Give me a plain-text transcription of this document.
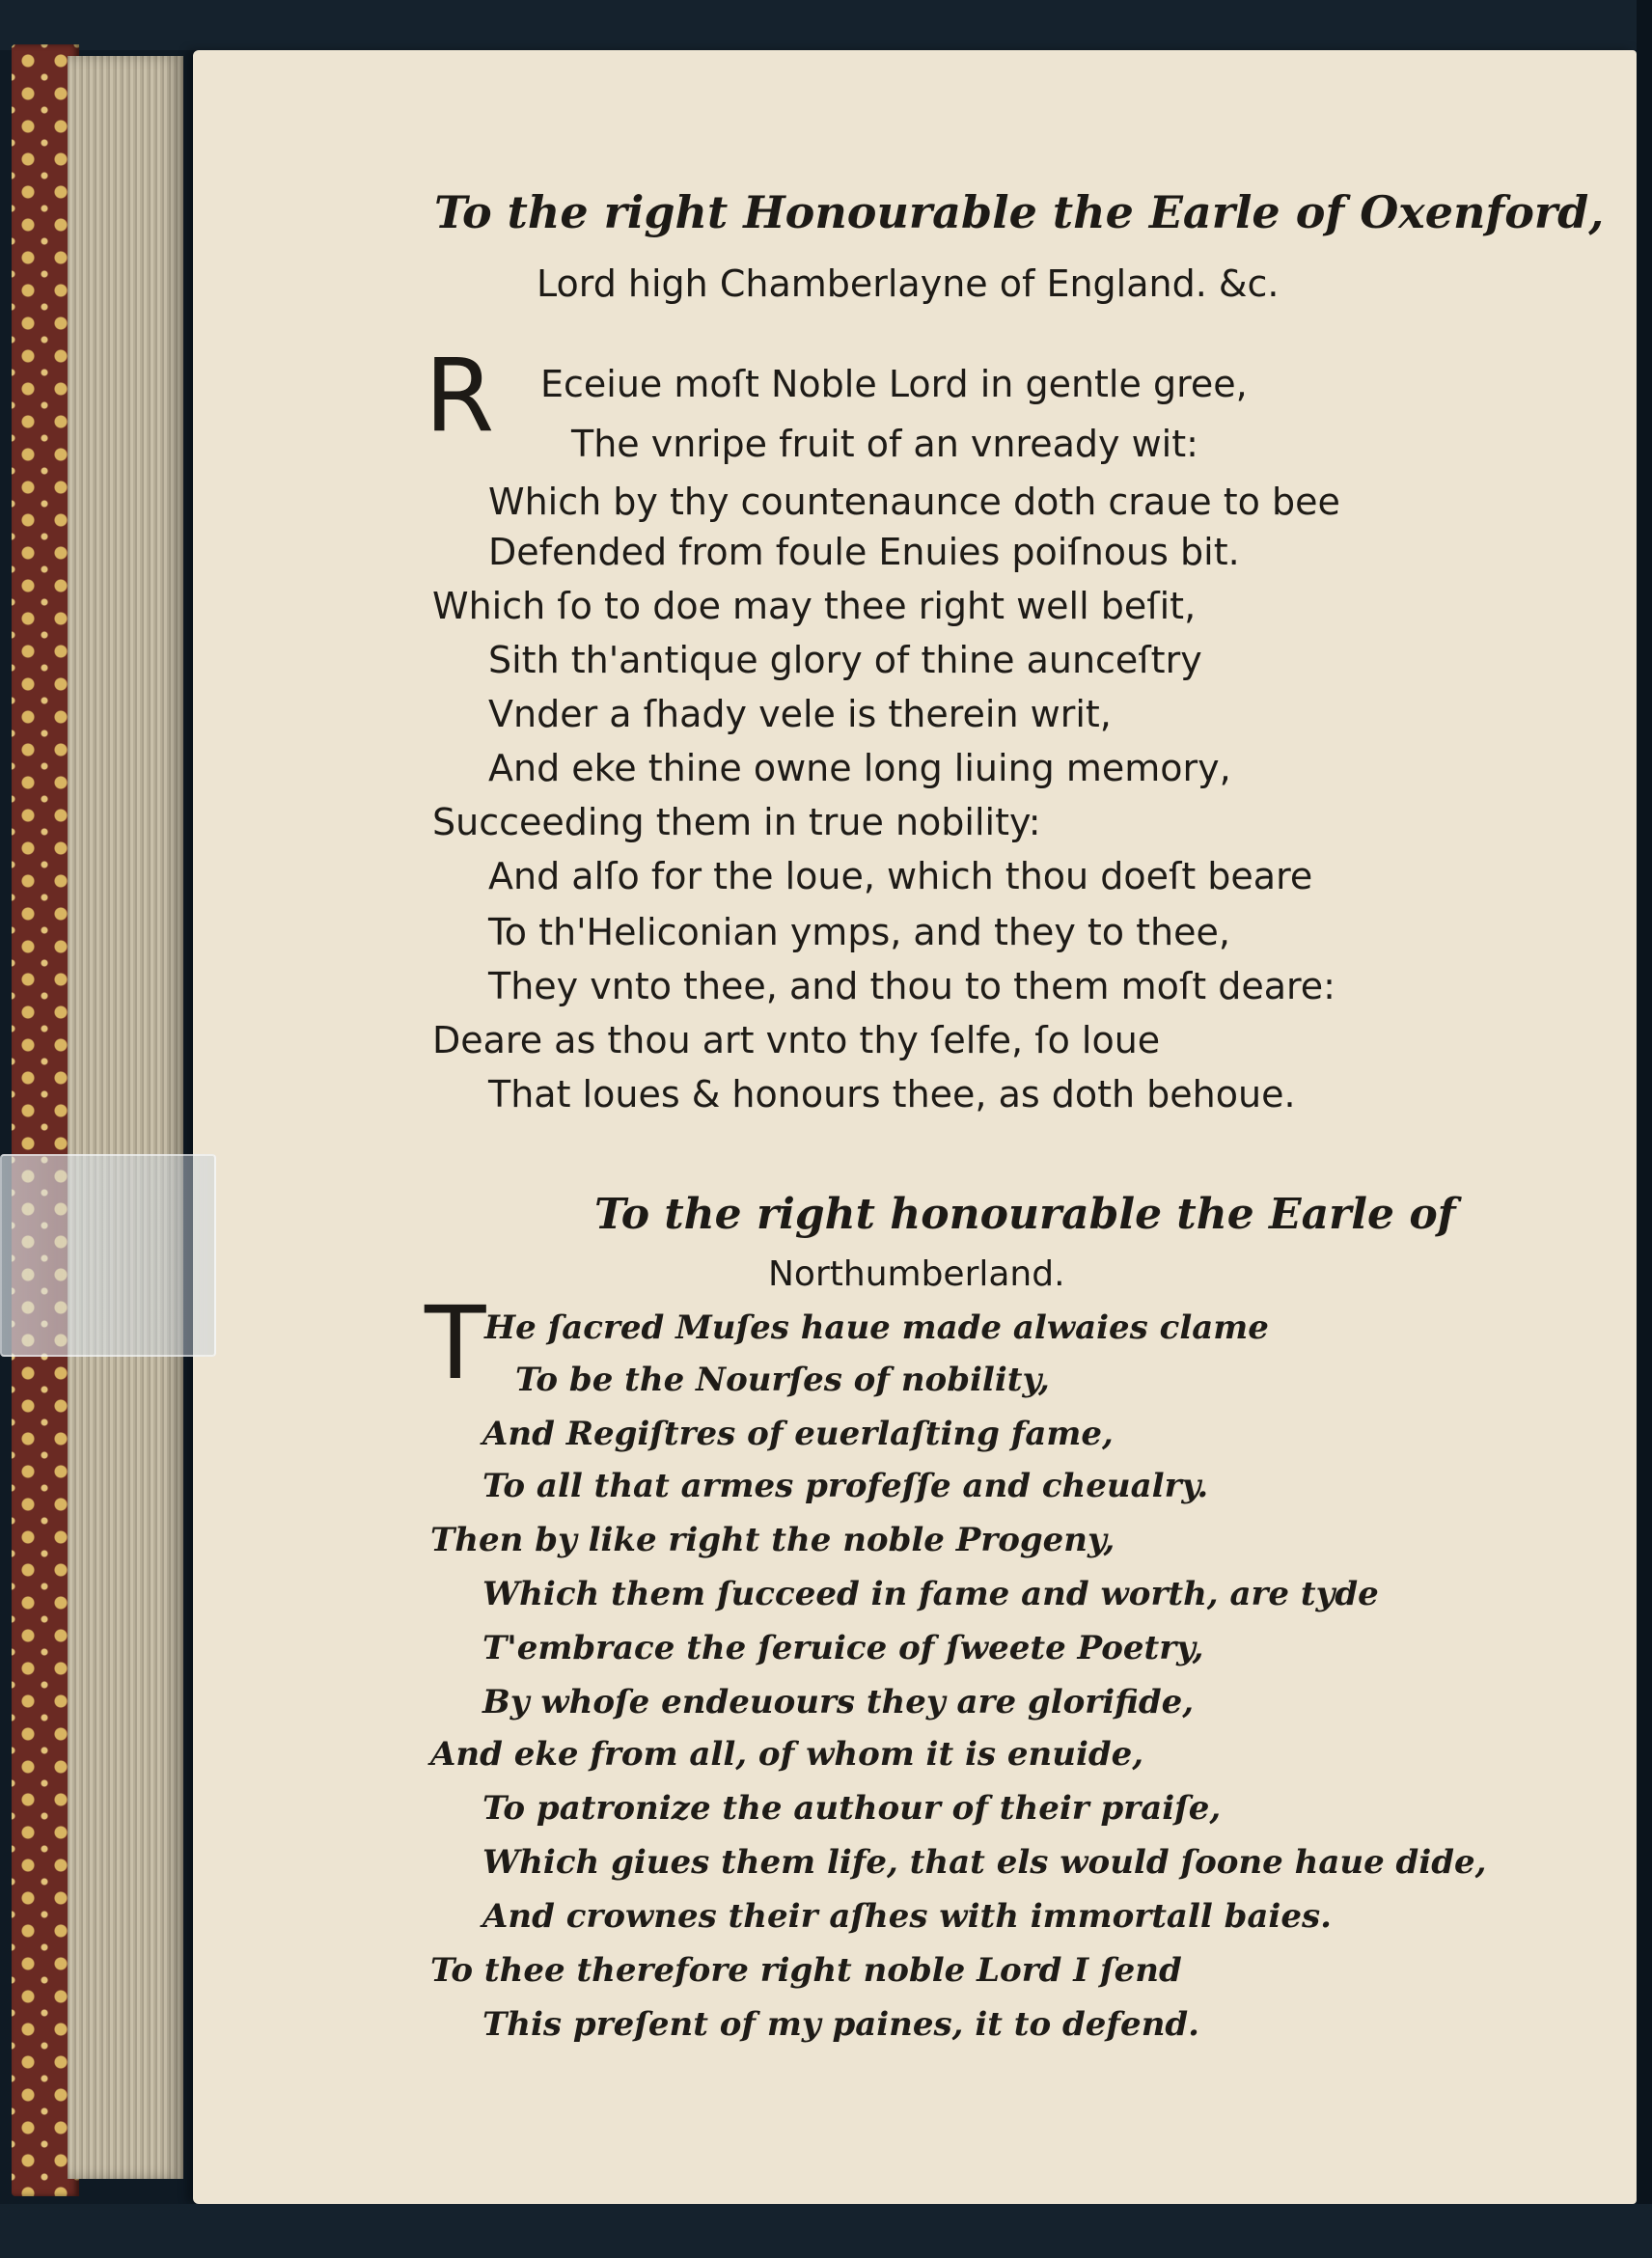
To the right Honourable the Earle of Oxenford,
Lord high Chamberlayne of England. &c.
R Eceiue moſt Noble Lord in gentle gree,
The vnripe fruit of an vnready wit:
Which by thy countenaunce doth craue to bee
Defended from foule Enuies poiſnous bit.
Which ſo to doe may thee right well beſit,
Sith th'antique glory of thine aunceſtry
Vnder a ſhady vele is therein writ,
And eke thine owne long liuing memory,
Succeeding them in true nobility:
And alſo for the loue, which thou doeſt beare
To th'Heliconian ymps, and they to thee,
They vnto thee, and thou to them moſt deare:
Deare as thou art vnto thy ſelfe, ſo loue
That loues & honours thee, as doth behoue.
To the right honourable the Earle of
Northumberland.
T
He ſacred Muſes haue made alwaies clame
To be the Nourſes of nobility,
And Regiſtres of euerlaſting fame,
To all that armes profeſſe and cheualry.
Then by like right the noble Progeny,
Which them ſucceed in fame and worth, are tyde
T'embrace the ſeruice of ſweete Poetry,
By whoſe endeuours they are glorifide,
And eke from all, of whom it is enuide,
To patronize the authour of their praiſe,
Which giues them life, that els would ſoone haue dide,
And crownes their aſhes with immortall baies.
To thee therefore right noble Lord I ſend
This preſent of my paines, it to defend.
